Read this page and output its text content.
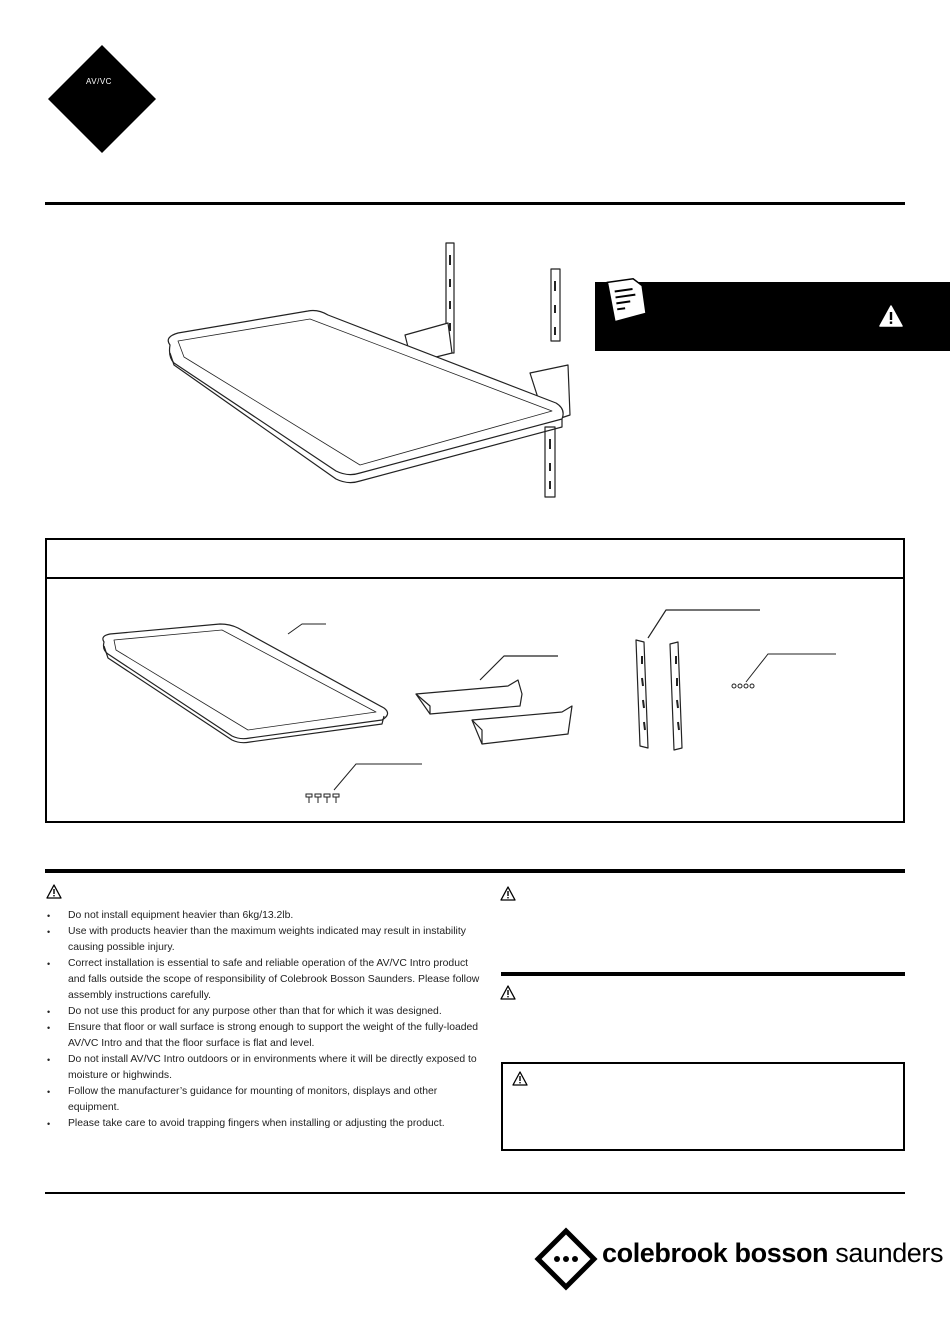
AV/VC
• Do not install equipment heavier than 6kg/13.2lb.
• Use with products heavier than the maximum weights indicated may result in instability causing possible injury.
• Correct installation is essential to safe and reliable operation of the AV/VC Intro product and falls outside the scope of responsibility of Colebrook Bosson Saunders. Please follow assembly instructions carefully.
• Do not use this product for any purpose other than that for which it was designed.
• Ensure that floor or wall surface is strong enough to support the weight of the fully-loaded AV/VC Intro and that the floor surface is flat and level.
• Do not install AV/VC Intro outdoors or in environments where it will be directly exposed to moisture or highwinds.
• Follow the manufacturer’s guidance for mounting of monitors, displays and other equipment.
• Please take care to avoid trapping fingers when installing or adjusting the product.
colebrook bosson saunders
